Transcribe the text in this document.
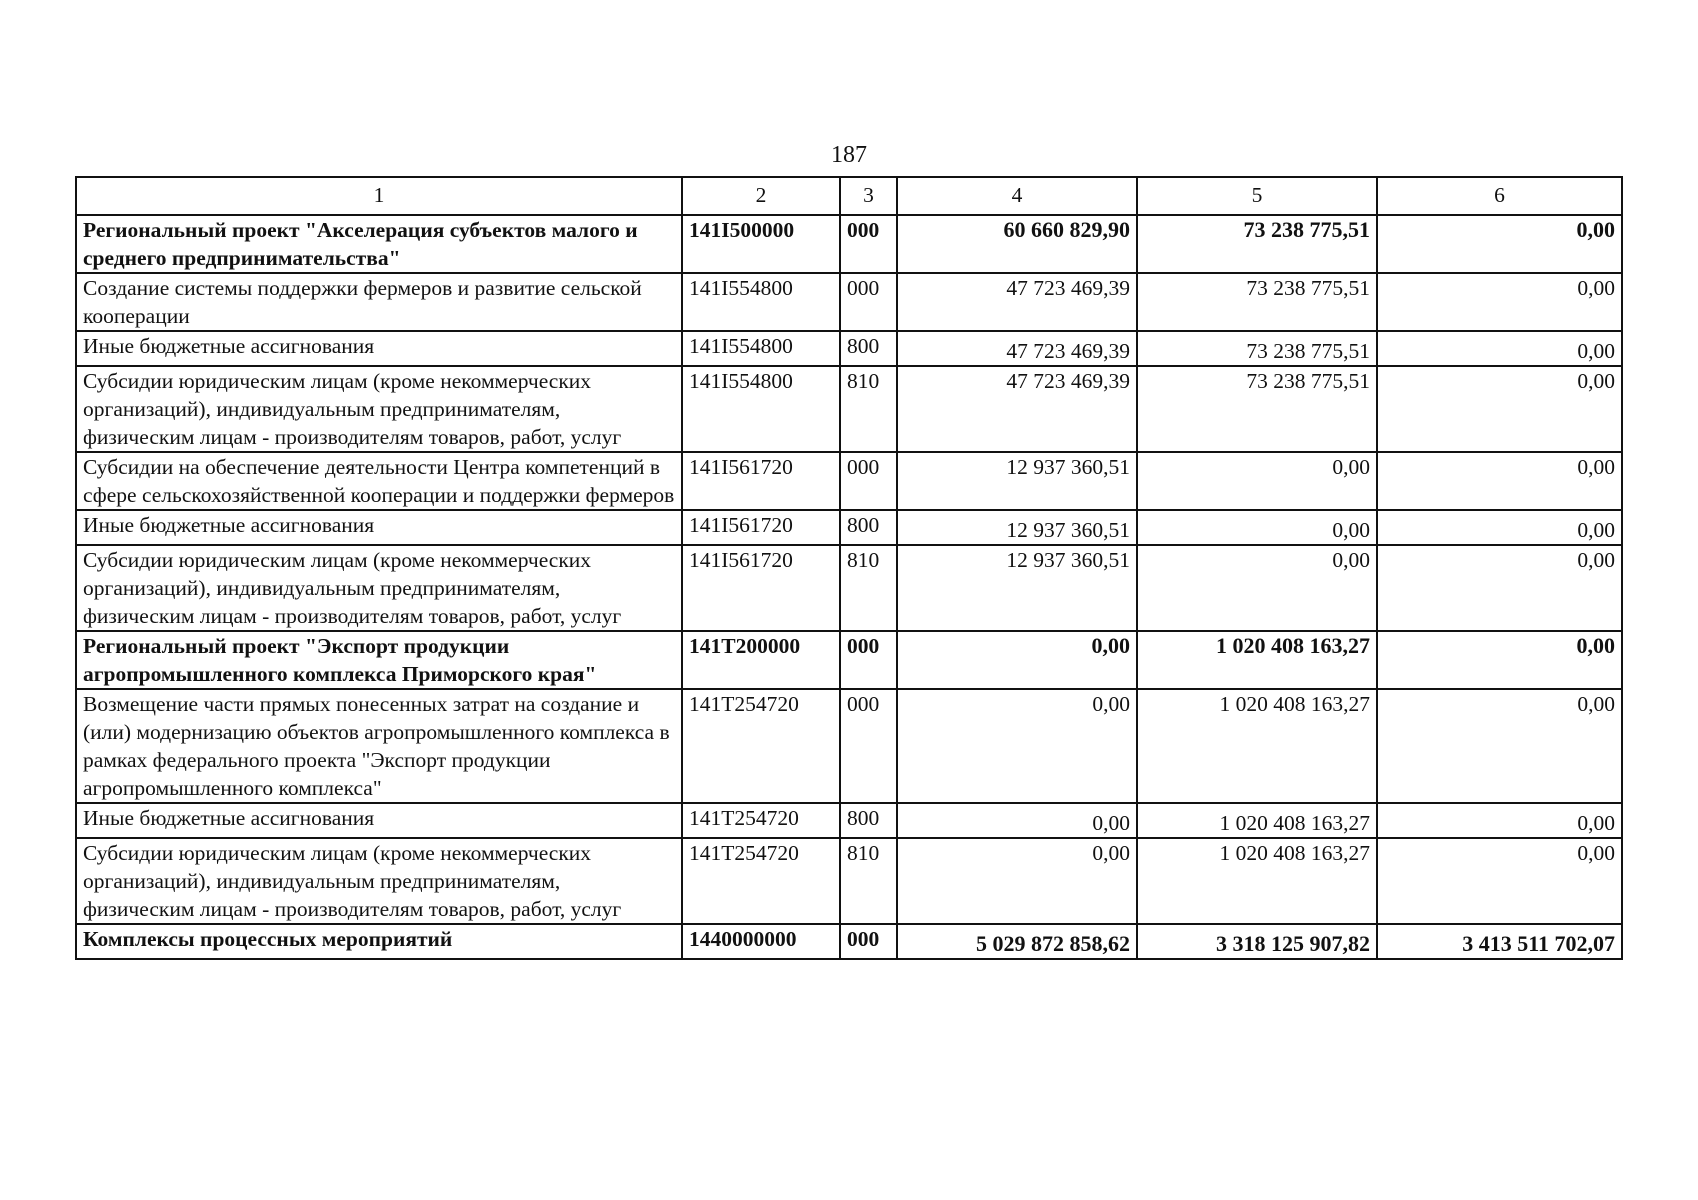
187
1	2	3	4	5	6
Региональный проект "Акселерация субъектов малого и среднего предпринимательства"	141I500000	000	60 660 829,90	73 238 775,51	0,00
Создание системы поддержки фермеров и развитие сельской кооперации	141I554800	000	47 723 469,39	73 238 775,51	0,00
Иные бюджетные ассигнования	141I554800	800	47 723 469,39	73 238 775,51	0,00
Субсидии юридическим лицам (кроме некоммерческих организаций), индивидуальным предпринимателям, физическим лицам - производителям товаров, работ, услуг	141I554800	810	47 723 469,39	73 238 775,51	0,00
Субсидии на обеспечение деятельности Центра компетенций в сфере сельскохозяйственной кооперации и поддержки фермеров	141I561720	000	12 937 360,51	0,00	0,00
Иные бюджетные ассигнования	141I561720	800	12 937 360,51	0,00	0,00
Субсидии юридическим лицам (кроме некоммерческих организаций), индивидуальным предпринимателям, физическим лицам - производителям товаров, работ, услуг	141I561720	810	12 937 360,51	0,00	0,00
Региональный проект "Экспорт продукции агропромышленного комплекса Приморского края"	141T200000	000	0,00	1 020 408 163,27	0,00
Возмещение части прямых понесенных затрат на создание и (или) модернизацию объектов агропромышленного комплекса в рамках федерального проекта "Экспорт продукции агропромышленного комплекса"	141T254720	000	0,00	1 020 408 163,27	0,00
Иные бюджетные ассигнования	141T254720	800	0,00	1 020 408 163,27	0,00
Субсидии юридическим лицам (кроме некоммерческих организаций), индивидуальным предпринимателям, физическим лицам - производителям товаров, работ, услуг	141T254720	810	0,00	1 020 408 163,27	0,00
Комплексы процессных мероприятий	1440000000	000	5 029 872 858,62	3 318 125 907,82	3 413 511 702,07
